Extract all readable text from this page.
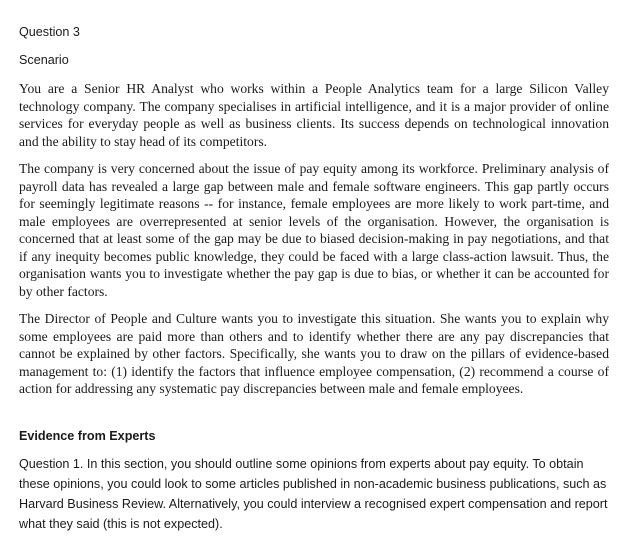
Question 3

Scenario

You are a Senior HR Analyst who works within a People Analytics team for a large Silicon Valley technology company. The company specialises in artificial intelligence, and it is a major provider of online services for everyday people as well as business clients. Its success depends on technological innovation and the ability to stay head of its competitors.

The company is very concerned about the issue of pay equity among its workforce. Preliminary analysis of payroll data has revealed a large gap between male and female software engineers. This gap partly occurs for seemingly legitimate reasons -- for instance, female employees are more likely to work part-time, and male employees are overrepresented at senior levels of the organisation. However, the organisation is concerned that at least some of the gap may be due to biased decision-making in pay negotiations, and that if any inequity becomes public knowledge, they could be faced with a large class-action lawsuit. Thus, the organisation wants you to investigate whether the pay gap is due to bias, or whether it can be accounted for by other factors.

The Director of People and Culture wants you to investigate this situation. She wants you to explain why some employees are paid more than others and to identify whether there are any pay discrepancies that cannot be explained by other factors. Specifically, she wants you to draw on the pillars of evidence-based management to: (1) identify the factors that influence employee compensation, (2) recommend a course of action for addressing any systematic pay discrepancies between male and female employees.

Evidence from Experts

Question 1. In this section, you should outline some opinions from experts about pay equity. To obtain these opinions, you could look to some articles published in non-academic business publications, such as Harvard Business Review. Alternatively, you could interview a recognised expert compensation and report what they said (this is not expected).
